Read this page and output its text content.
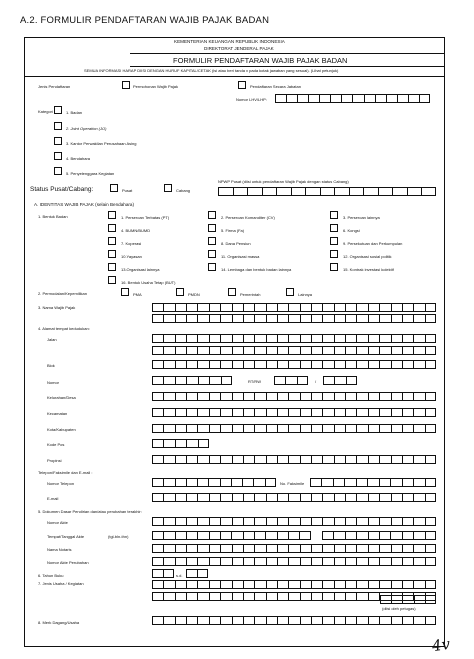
A.2. FORMULIR PENDAFTARAN WAJIB PAJAK BADAN
KEMENTERIAN KEUANGAN REPUBLIK INDONESIA
DIREKTORAT JENDERAL PAJAK
FORMULIR PENDAFTARAN WAJIB PAJAK BADAN
SEMUA INFORMASI HARAP DIISI DENGAN HURUF KAPITAL/CETAK (isi atau beri tanda x pada kotak jawaban yang sesuai). (Lihat petunjuk)
Jenis Pendaftaran	Permohonan Wajib Pajak	Pendaftaran Secara Jabatan
Nomor LHV/LHP:
Kategori	1. Badan
2. Joint Operation (JO)
3. Kantor Perwakilan Perusahaan Asing
4. Bendahara
5. Penyelenggara Kegiatan
Status Pusat/Cabang:	Pusat	Cabang
NPWP Pusat (diisi untuk pendaftaran Wajib Pajak dengan status Cabang)
A. IDENTITAS WAJIB PAJAK (selain Bendahara)
1. Bentuk Badan	1. Perseroan Terbatas (PT)	2. Perseroan Komanditer (CV)	3. Perseroan lainnya
4. BUMN/BUMD	5. Firma (Fa)	6. Kongsi
7. Koperasi	8. Dana Pensiun	9. Persekutuan dan Perkumpulan
10.Yayasan	11. Organisasi massa	12. Organisasi sosial politik
13.Organisasi lainnya	14. Lembaga dan bentuk badan lainnya	15. Kontrak investasi kolektif
16. Bentuk Usaha Tetap (BUT)
2. Permodalan/Kepemilikan	PMA	PMDN	Pemerintah	Lainnya
3. Nama Wajib Pajak
4. Alamat tempat kedudukan:
Jalan
Blok
Nomor	RT/RW	/
Kelurahan/Desa
Kecamatan
Kota/Kabupaten
Kode Pos
Propinsi
Telepon/Faksimile dan E-mail :
Nomor Telepon	No. Faksimile
E-mail
5. Dokumen Dasar Pendirian dan/atau perubahan terakhir:
Nomor Akte
Tempat/Tanggal Akte	(tgl-bln-thn)
Nama Notaris
Nomor Akte Perubahan
6. Tahun Buku	s.d.
7. Jenis Usaha / Kegiatan
(diisi oleh petugas)
8. Merk Dagang/Usaha
4v
